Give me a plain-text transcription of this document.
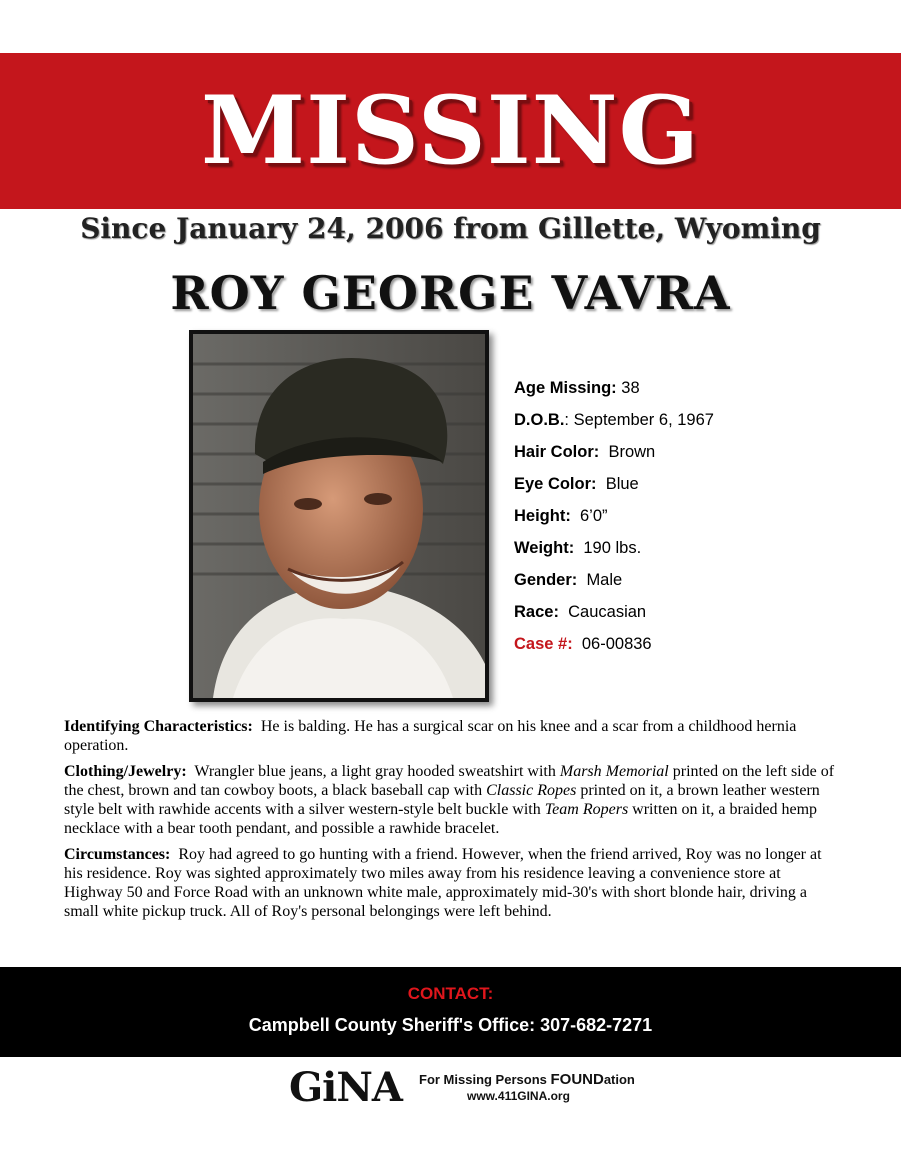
MISSING
Since January 24, 2006 from Gillette, Wyoming
ROY GEORGE VAVRA
Age Missing: 38
D.O.B.: September 6, 1967
Hair Color: Brown
Eye Color: Blue
Height: 6’0”
Weight: 190 lbs.
Gender: Male
Race: Caucasian
Case #: 06-00836

Identifying Characteristics: He is balding. He has a surgical scar on his knee and a scar from a childhood hernia operation.

Clothing/Jewelry: Wrangler blue jeans, a light gray hooded sweatshirt with Marsh Memorial printed on the left side of the chest, brown and tan cowboy boots, a black baseball cap with Classic Ropes printed on it, a brown leather western style belt with rawhide accents with a silver western-style belt buckle with Team Ropers written on it, a braided hemp necklace with a bear tooth pendant, and possible a rawhide bracelet.

Circumstances: Roy had agreed to go hunting with a friend. However, when the friend arrived, Roy was no longer at his residence. Roy was sighted approximately two miles away from his residence leaving a convenience store at Highway 50 and Force Road with an unknown white male, approximately mid-30's with short blonde hair, driving a small white pickup truck. All of Roy's personal belongings were left behind.

CONTACT:
Campbell County Sheriff's Office: 307-682-7271
GiNA For Missing Persons FOUNDation
www.411GINA.org
